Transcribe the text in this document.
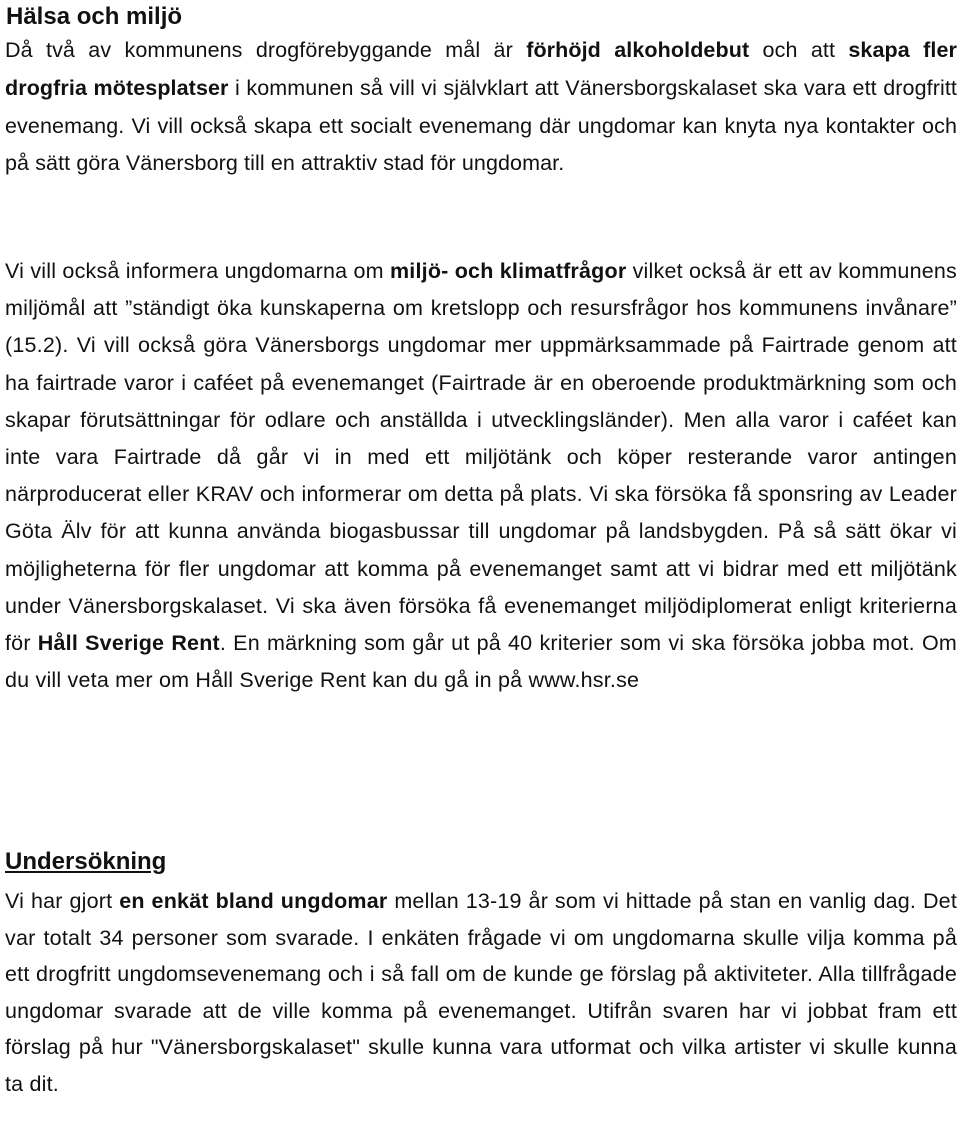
Hälsa och miljö

Då två av kommunens drogförebyggande mål är förhöjd alkoholdebut och att skapa fler drogfria mötesplatser i kommunen så vill vi självklart att Vänersborgskalaset ska vara ett drogfritt evenemang. Vi vill också skapa ett socialt evenemang där ungdomar kan knyta nya kontakter och på sätt göra Vänersborg till en attraktiv stad för ungdomar.

Vi vill också informera ungdomarna om miljö- och klimatfrågor vilket också är ett av kommunens miljömål att ”ständigt öka kunskaperna om kretslopp och resursfrågor hos kommunens invånare” (15.2). Vi vill också göra Vänersborgs ungdomar mer uppmärksammade på Fairtrade genom att ha fairtrade varor i caféet på evenemanget (Fairtrade är en oberoende produktmärkning som och skapar förutsättningar för odlare och anställda i utvecklingsländer). Men alla varor i caféet kan inte vara Fairtrade då går vi in med ett miljötänk och köper resterande varor antingen närproducerat eller KRAV och informerar om detta på plats. Vi ska försöka få sponsring av Leader Göta Älv för att kunna använda biogasbussar till ungdomar på landsbygden. På så sätt ökar vi möjligheterna för fler ungdomar att komma på evenemanget samt att vi bidrar med ett miljötänk under Vänersborgskalaset. Vi ska även försöka få evenemanget miljödiplomerat enligt kriterierna för Håll Sverige Rent. En märkning som går ut på 40 kriterier som vi ska försöka jobba mot. Om du vill veta mer om Håll Sverige Rent kan du gå in på www.hsr.se

Undersökning

Vi har gjort en enkät bland ungdomar mellan 13-19 år som vi hittade på stan en vanlig dag. Det var totalt 34 personer som svarade. I enkäten frågade vi om ungdomarna skulle vilja komma på ett drogfritt ungdomsevenemang och i så fall om de kunde ge förslag på aktiviteter. Alla tillfrågade ungdomar svarade att de ville komma på evenemanget. Utifrån svaren har vi jobbat fram ett förslag på hur "Vänersborgskalaset" skulle kunna vara utformat och vilka artister vi skulle kunna ta dit.
